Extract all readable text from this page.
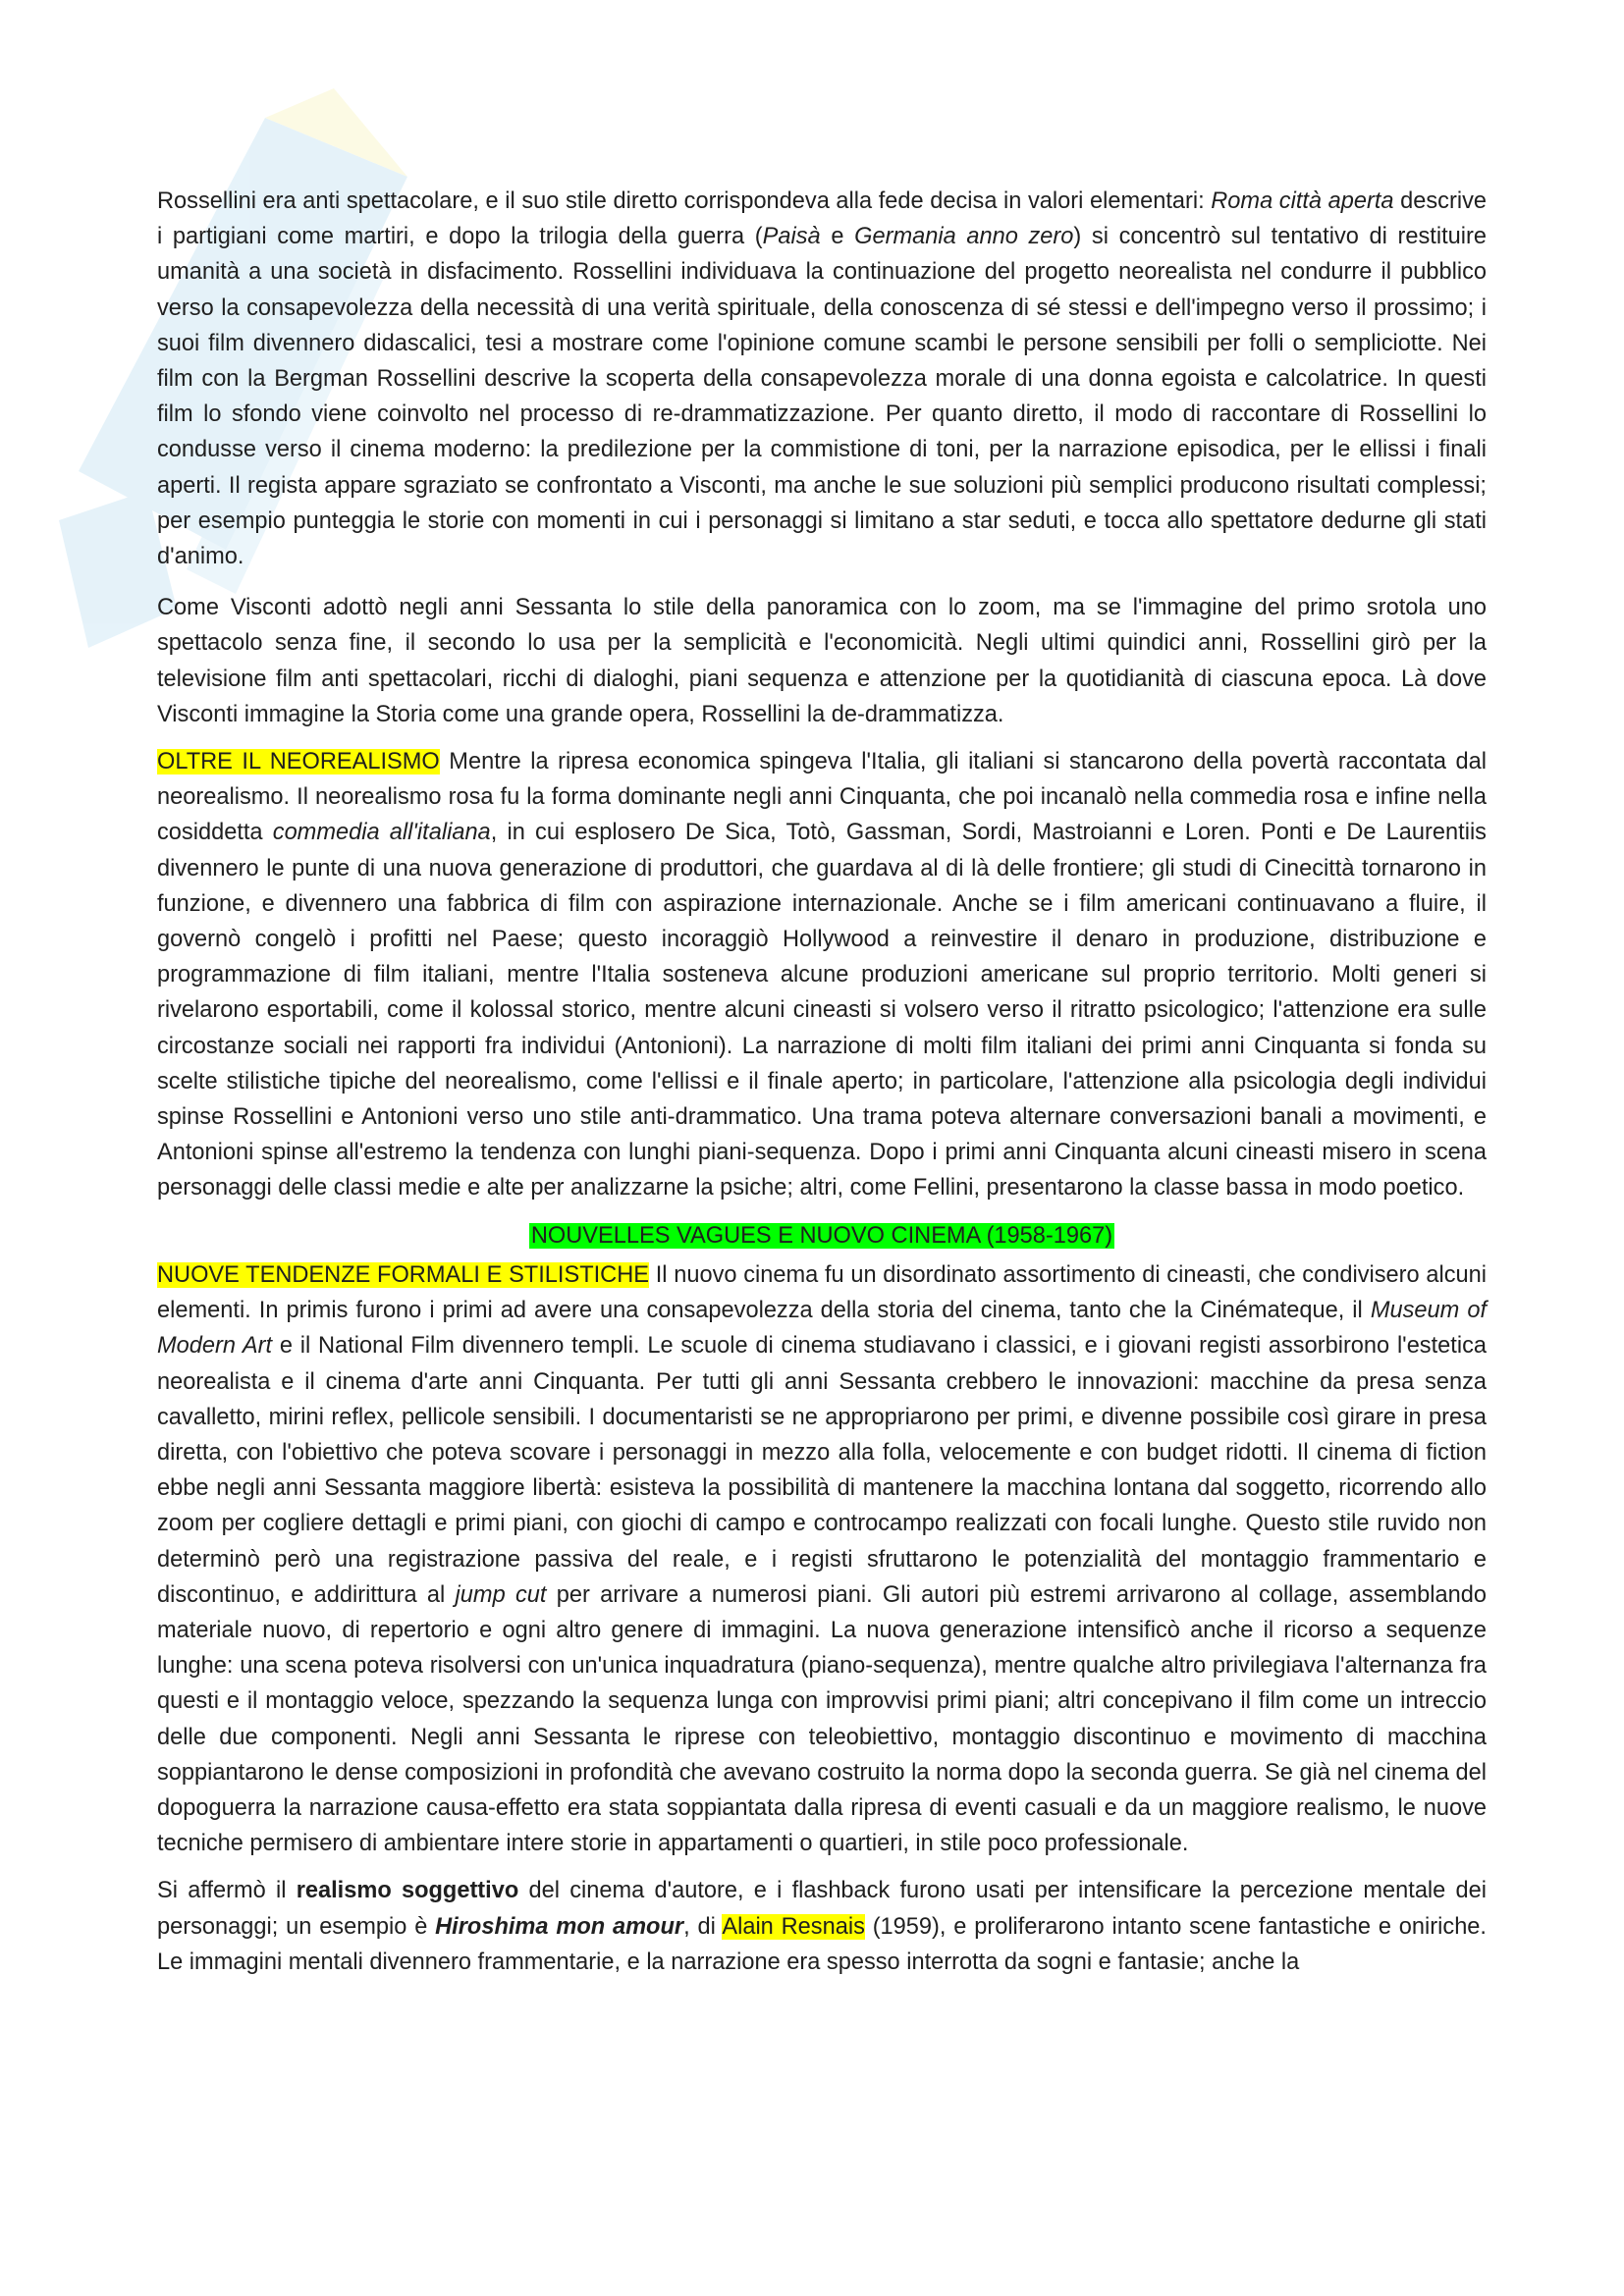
Rossellini era anti spettacolare, e il suo stile diretto corrispondeva alla fede decisa in valori elementari: Roma città aperta descrive i partigiani come martiri, e dopo la trilogia della guerra (Paisà e Germania anno zero) si concentrò sul tentativo di restituire umanità a una società in disfacimento. Rossellini individuava la continuazione del progetto neorealista nel condurre il pubblico verso la consapevolezza della necessità di una verità spirituale, della conoscenza di sé stessi e dell'impegno verso il prossimo; i suoi film divennero didascalici, tesi a mostrare come l'opinione comune scambi le persone sensibili per folli o sempliciotte. Nei film con la Bergman Rossellini descrive la scoperta della consapevolezza morale di una donna egoista e calcolatrice. In questi film lo sfondo viene coinvolto nel processo di re-drammatizzazione. Per quanto diretto, il modo di raccontare di Rossellini lo condusse verso il cinema moderno: la predilezione per la commistione di toni, per la narrazione episodica, per le ellissi i finali aperti. Il regista appare sgraziato se confrontato a Visconti, ma anche le sue soluzioni più semplici producono risultati complessi; per esempio punteggia le storie con momenti in cui i personaggi si limitano a star seduti, e tocca allo spettatore dedurne gli stati d'animo.

Come Visconti adottò negli anni Sessanta lo stile della panoramica con lo zoom, ma se l'immagine del primo srotola uno spettacolo senza fine, il secondo lo usa per la semplicità e l'economicità. Negli ultimi quindici anni, Rossellini girò per la televisione film anti spettacolari, ricchi di dialoghi, piani sequenza e attenzione per la quotidianità di ciascuna epoca. Là dove Visconti immagine la Storia come una grande opera, Rossellini la de-drammatizza.

OLTRE IL NEOREALISMO Mentre la ripresa economica spingeva l'Italia, gli italiani si stancarono della povertà raccontata dal neorealismo. Il neorealismo rosa fu la forma dominante negli anni Cinquanta, che poi incanalò nella commedia rosa e infine nella cosiddetta commedia all'italiana, in cui esplosero De Sica, Totò, Gassman, Sordi, Mastroianni e Loren. Ponti e De Laurentiis divennero le punte di una nuova generazione di produttori, che guardava al di là delle frontiere; gli studi di Cinecittà tornarono in funzione, e divennero una fabbrica di film con aspirazione internazionale. Anche se i film americani continuavano a fluire, il governò congelò i profitti nel Paese; questo incoraggiò Hollywood a reinvestire il denaro in produzione, distribuzione e programmazione di film italiani, mentre l'Italia sosteneva alcune produzioni americane sul proprio territorio. Molti generi si rivelarono esportabili, come il kolossal storico, mentre alcuni cineasti si volsero verso il ritratto psicologico; l'attenzione era sulle circostanze sociali nei rapporti fra individui (Antonioni). La narrazione di molti film italiani dei primi anni Cinquanta si fonda su scelte stilistiche tipiche del neorealismo, come l'ellissi e il finale aperto; in particolare, l'attenzione alla psicologia degli individui spinse Rossellini e Antonioni verso uno stile anti-drammatico. Una trama poteva alternare conversazioni banali a movimenti, e Antonioni spinse all'estremo la tendenza con lunghi piani-sequenza. Dopo i primi anni Cinquanta alcuni cineasti misero in scena personaggi delle classi medie e alte per analizzarne la psiche; altri, come Fellini, presentarono la classe bassa in modo poetico.

NOUVELLES VAGUES E NUOVO CINEMA (1958-1967)

NUOVE TENDENZE FORMALI E STILISTICHE Il nuovo cinema fu un disordinato assortimento di cineasti, che condivisero alcuni elementi. In primis furono i primi ad avere una consapevolezza della storia del cinema, tanto che la Cinémateque, il Museum of Modern Art e il National Film divennero templi. Le scuole di cinema studiavano i classici, e i giovani registi assorbirono l'estetica neorealista e il cinema d'arte anni Cinquanta. Per tutti gli anni Sessanta crebbero le innovazioni: macchine da presa senza cavalletto, mirini reflex, pellicole sensibili. I documentaristi se ne appropriarono per primi, e divenne possibile così girare in presa diretta, con l'obiettivo che poteva scovare i personaggi in mezzo alla folla, velocemente e con budget ridotti. Il cinema di fiction ebbe negli anni Sessanta maggiore libertà: esisteva la possibilità di mantenere la macchina lontana dal soggetto, ricorrendo allo zoom per cogliere dettagli e primi piani, con giochi di campo e controcampo realizzati con focali lunghe. Questo stile ruvido non determinò però una registrazione passiva del reale, e i registi sfruttarono le potenzialità del montaggio frammentario e discontinuo, e addirittura al jump cut per arrivare a numerosi piani. Gli autori più estremi arrivarono al collage, assemblando materiale nuovo, di repertorio e ogni altro genere di immagini. La nuova generazione intensificò anche il ricorso a sequenze lunghe: una scena poteva risolversi con un'unica inquadratura (piano-sequenza), mentre qualche altro privilegiava l'alternanza fra questi e il montaggio veloce, spezzando la sequenza lunga con improvvisi primi piani; altri concepivano il film come un intreccio delle due componenti. Negli anni Sessanta le riprese con teleobiettivo, montaggio discontinuo e movimento di macchina soppiantarono le dense composizioni in profondità che avevano costruito la norma dopo la seconda guerra. Se già nel cinema del dopoguerra la narrazione causa-effetto era stata soppiantata dalla ripresa di eventi casuali e da un maggiore realismo, le nuove tecniche permisero di ambientare intere storie in appartamenti o quartieri, in stile poco professionale.

Si affermò il realismo soggettivo del cinema d'autore, e i flashback furono usati per intensificare la percezione mentale dei personaggi; un esempio è Hiroshima mon amour, di Alain Resnais (1959), e proliferarono intanto scene fantastiche e oniriche. Le immagini mentali divennero frammentarie, e la narrazione era spesso interrotta da sogni e fantasie; anche la
